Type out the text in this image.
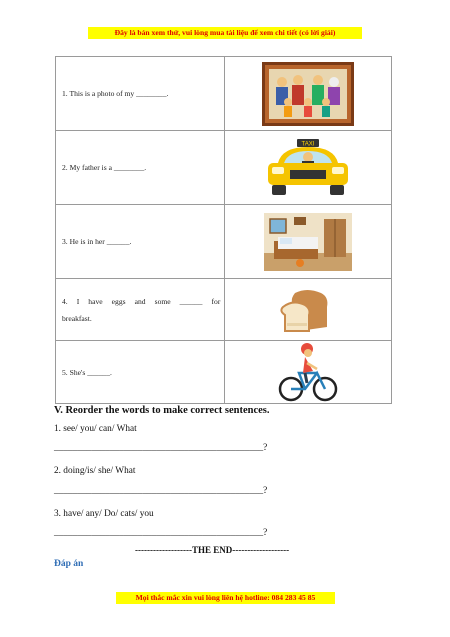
Đây là bản xem thử, vui lòng mua tài liệu để xem chi tiết (có lời giải)
1. This is a photo of my ________.

2. My father is a ________.	TAXI

3. He is in her ______.

4. I have eggs and some ______ for
breakfast.

5. She's ______.

V. Reorder the words to make correct sentences.
1. see/ you/ can/ What
_____________________________________________?
2. doing/is/ she/ What
_____________________________________________?
3. have/ any/ Do/ cats/ you
_____________________________________________?
-------------------THE END-------------------
Đáp án
Mọi thắc mắc xin vui lòng liên hệ hotline: 084 283 45 85
